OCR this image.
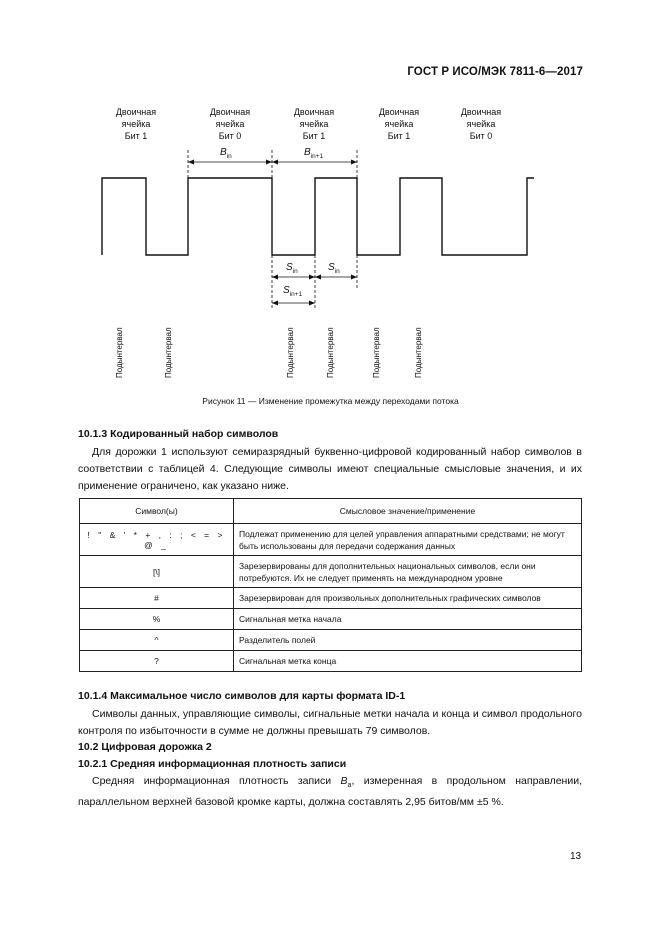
ГОСТ Р ИСО/МЭК 7811-6—2017
Двоичная
ячейка
Бит 1
Двоичная
ячейка
Бит 0
Двоичная
ячейка
Бит 1
Двоичная
ячейка
Бит 1
Двоичная
ячейка
Бит 0
$B_{in}$	$B_{in+1}$
$S_{in}$	$S_{in}$
$S_{in+1}$
Подынтервал	Подынтервал	Подынтервал	Подынтервал	Подынтервал	Подынтервал
Рисунок 11 — Изменение промежутка между переходами потока
10.1.3 Кодированный набор символов
Для дорожки 1 используют семиразрядный буквенно-цифровой кодированный набор символов в соответствии с таблицей 4. Следующие символы имеют специальные смысловые значения, и их применение ограничено, как указано ниже.
Символ(ы)	Смысловое значение/применение
! " & ' * + , : ; < = > @ _	Подлежат применению для целей управления аппаратными средствами; не могут быть использованы для передачи содержания данных
[\]	Зарезервированы для дополнительных национальных символов, если они потребуются. Их не следует применять на международном уровне
#	Зарезервирован для произвольных дополнительных графических символов
%	Сигнальная метка начала
^	Разделитель полей
?	Сигнальная метка конца
10.1.4 Максимальное число символов для карты формата ID-1
Символы данных, управляющие символы, сигнальные метки начала и конца и символ продольного контроля по избыточности в сумме не должны превышать 79 символов.
10.2 Цифровая дорожка 2
10.2.1 Средняя информационная плотность записи
Средняя информационная плотность записи $B_a$, измеренная в продольном направлении, параллельном верхней базовой кромке карты, должна составлять 2,95 битов/мм ±5 %.
13
